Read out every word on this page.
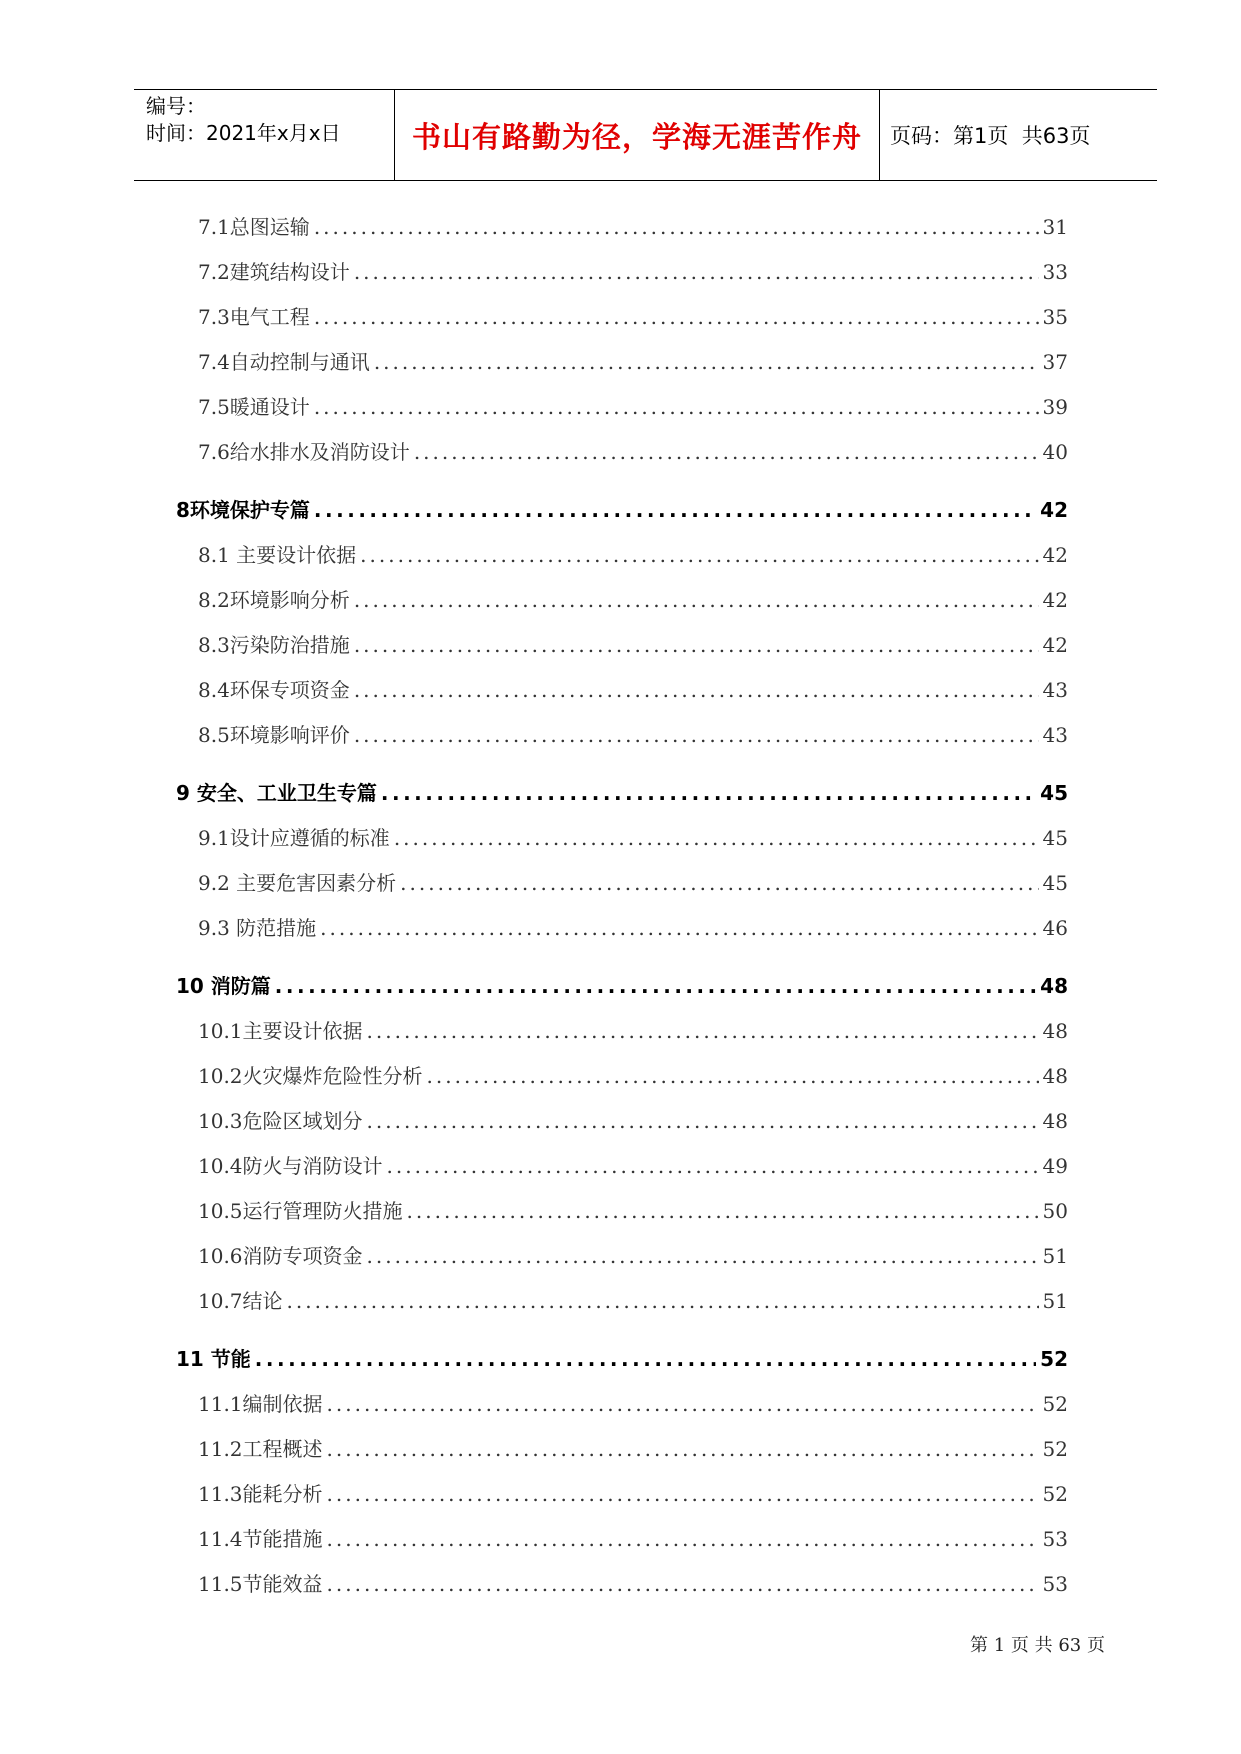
编号：
时间：2021年x月x日	书山有路勤为径，学海无涯苦作舟 页码：第1页  共63页
7.1总图运输 .....	31
7.2建筑结构设计 .....	33
7.3电气工程 .....	35
7.4自动控制与通讯 .....	37
7.5暖通设计 .....	39
7.6给水排水及消防设计 .....	40
8环境保护专篇 .....	42
8.1 主要设计依据 .....	42
8.2环境影响分析 .....	42
8.3污染防治措施 .....	42
8.4环保专项资金 .....	43
8.5环境影响评价 .....	43
9 安全、工业卫生专篇 .....	45
9.1设计应遵循的标准 .....	45
9.2 主要危害因素分析 .....	45
9.3 防范措施 .....	46
10 消防篇 .....	48
10.1主要设计依据 .....	48
10.2火灾爆炸危险性分析 .....	48
10.3危险区域划分 .....	48
10.4防火与消防设计 .....	49
10.5运行管理防火措施 .....	50
10.6消防专项资金 .....	51
10.7结论 .....	51
11 节能 .....	52
11.1编制依据 .....	52
11.2工程概述 .....	52
11.3能耗分析 .....	52
11.4节能措施 .....	53
11.5节能效益 .....	53
第 1 页 共 63 页
